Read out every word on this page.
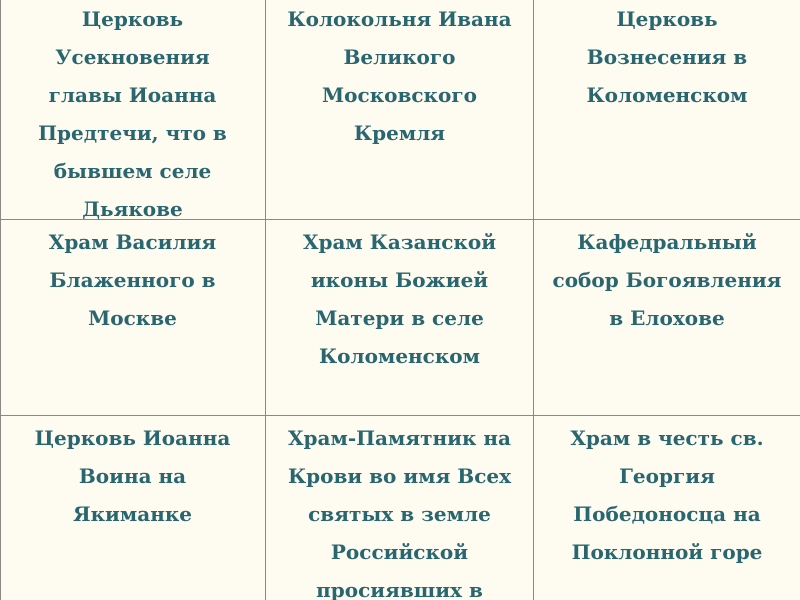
Церковь
Усекновения
главы Иоанна
Предтечи, что в
бывшем селе
Дьякове
Колокольня Ивана
Великого
Московского
Кремля
Церковь
Вознесения в
Коломенском
Храм Василия
Блаженного в
Москве
Храм Казанской
иконы Божией
Матери в селе
Коломенском
Кафедральный
собор Богоявления
в Елохове
Церковь Иоанна
Воина на
Якиманке
Храм-Памятник на
Крови во имя Всех
святых в земле
Российской
просиявших в
Храм в честь св.
Георгия
Победоносца на
Поклонной горе
